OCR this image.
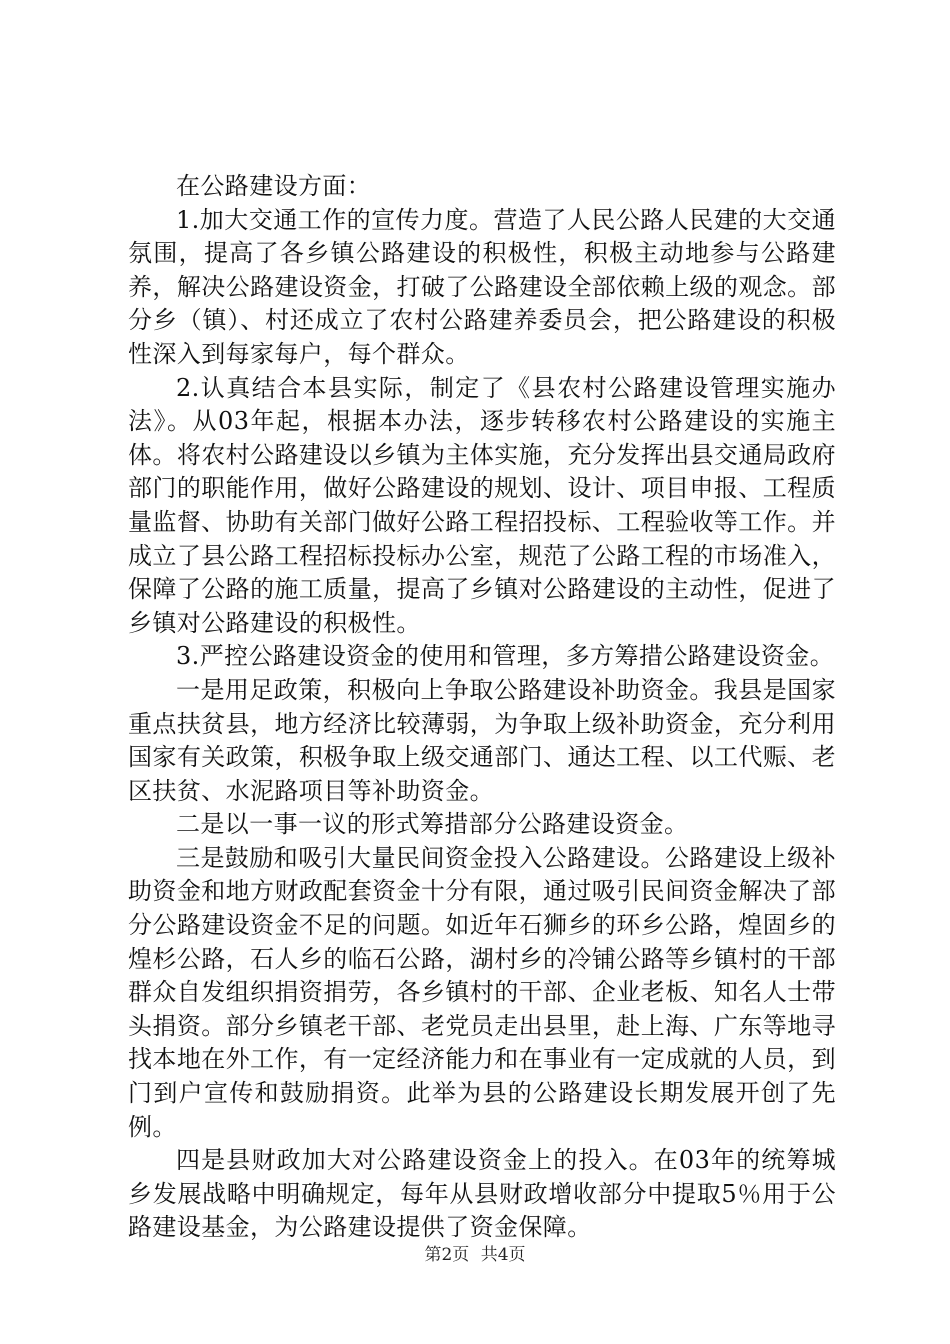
在公路建设方面：

1.加大交通工作的宣传力度。营造了人民公路人民建的大交通氛围，提高了各乡镇公路建设的积极性，积极主动地参与公路建养，解决公路建设资金，打破了公路建设全部依赖上级的观念。部分乡（镇）、村还成立了农村公路建养委员会，把公路建设的积极性深入到每家每户，每个群众。

2.认真结合本县实际，制定了《县农村公路建设管理实施办法》。从03年起，根据本办法，逐步转移农村公路建设的实施主体。将农村公路建设以乡镇为主体实施，充分发挥出县交通局政府部门的职能作用，做好公路建设的规划、设计、项目申报、工程质量监督、协助有关部门做好公路工程招投标、工程验收等工作。并成立了县公路工程招标投标办公室，规范了公路工程的市场准入，保障了公路的施工质量，提高了乡镇对公路建设的主动性，促进了乡镇对公路建设的积极性。

3.严控公路建设资金的使用和管理，多方筹措公路建设资金。

一是用足政策，积极向上争取公路建设补助资金。我县是国家重点扶贫县，地方经济比较薄弱，为争取上级补助资金，充分利用国家有关政策，积极争取上级交通部门、通达工程、以工代赈、老区扶贫、水泥路项目等补助资金。

二是以一事一议的形式筹措部分公路建设资金。

三是鼓励和吸引大量民间资金投入公路建设。公路建设上级补助资金和地方财政配套资金十分有限，通过吸引民间资金解决了部分公路建设资金不足的问题。如近年石狮乡的环乡公路，煌固乡的煌杉公路，石人乡的临石公路，湖村乡的冷铺公路等乡镇村的干部群众自发组织捐资捐劳，各乡镇村的干部、企业老板、知名人士带头捐资。部分乡镇老干部、老党员走出县里，赴上海、广东等地寻找本地在外工作，有一定经济能力和在事业有一定成就的人员，到门到户宣传和鼓励捐资。此举为县的公路建设长期发展开创了先例。

四是县财政加大对公路建设资金上的投入。在03年的统筹城乡发展战略中明确规定，每年从县财政增收部分中提取5％用于公路建设基金，为公路建设提供了资金保障。

第2页 共4页
